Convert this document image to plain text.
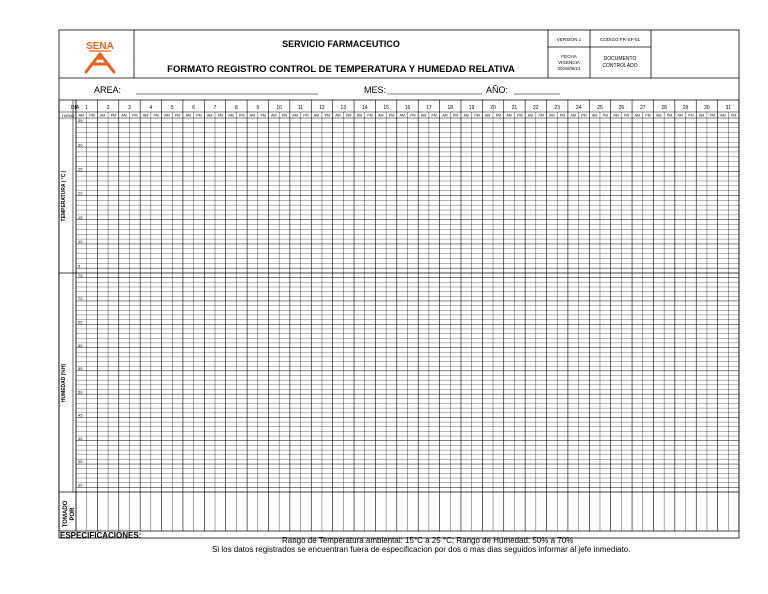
SENA	SERVICIO FARMACEUTICO
FORMATO REGISTRO CONTROL DE TEMPERATURA Y HUMEDAD RELATIVA
VERSION 1	CODIGO FR-SF-01
FECHA
VIGENCIA
2019/08/21
DOCUMENTO
CONTROLADO
AREA:	MES:	AÑO:
1	2	3	4	5	6	7	8	9	10	11	12	13	14	15	16	17	18	19	20	21	22	23	24	25	26	27	28	29	30	31
AM PM AM PM AM PM AM PM AM PM AM PM AM PM AM PM AM PM AM PM AM PM AM PM AM PM AM PM AM PM AM PM AM PM AM PM AM PM AM PM AM PM AM PM AM PM AM PM AM PM AM PM AM PM AM PM AM PM AM PM AM PM
35
30
25
20
15
10
5
75
70
65
60
55
50
45
40
35
30
DIA
TURNO
TEMPERATURA ( °C )
HUMEDAD (%H)
TOMADO POR
ESPECIFICACIONES:
Rango de Temperatura ambiental: 15°C a 25 °C; Rango de Humedad: 50% a 70%
Si los datos registrados se encuentran fuera de especificacion por dos o mas dias seguidos informar al jefe inmediato.
